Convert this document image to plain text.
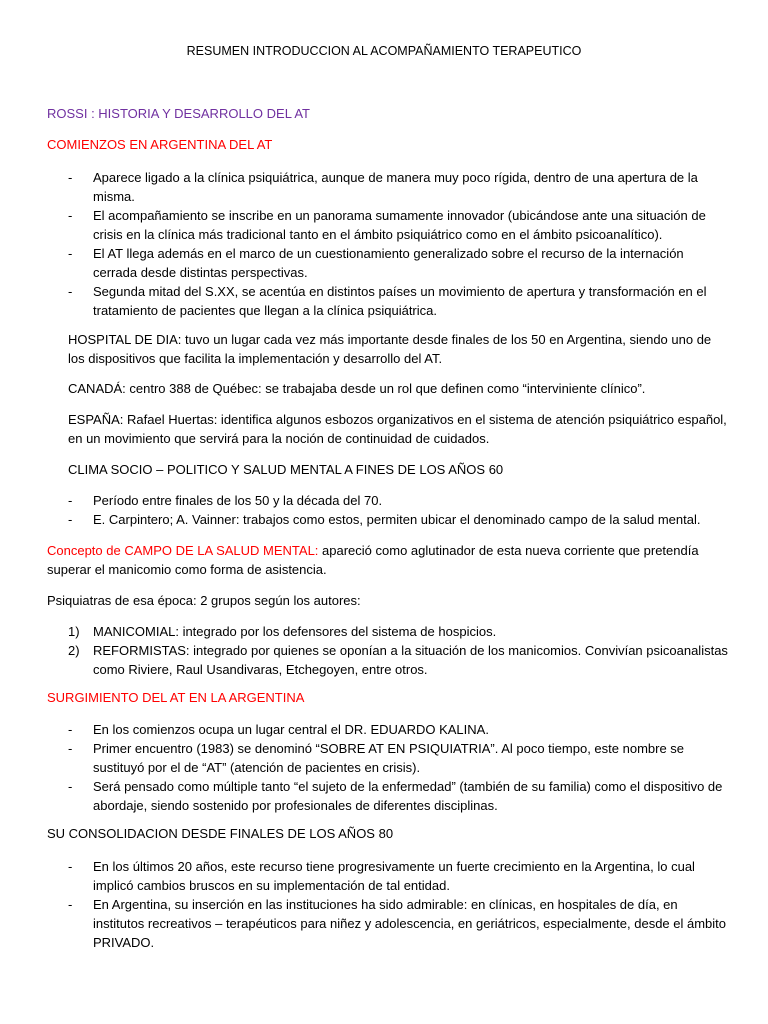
RESUMEN INTRODUCCION AL ACOMPAÑAMIENTO TERAPEUTICO
ROSSI : HISTORIA Y DESARROLLO DEL AT
COMIENZOS EN ARGENTINA DEL AT
- Aparece ligado a la clínica psiquiátrica, aunque de manera muy poco rígida, dentro de una apertura de la misma.
- El acompañamiento se inscribe en un panorama sumamente innovador (ubicándose ante una situación de crisis en la clínica más tradicional tanto en el ámbito psiquiátrico como en el ámbito psicoanalítico).
- El AT llega además en el marco de un cuestionamiento generalizado sobre el recurso de la internación cerrada desde distintas perspectivas.
- Segunda mitad del S.XX, se acentúa en distintos países un movimiento de apertura y transformación en el tratamiento de pacientes que llegan a la clínica psiquiátrica.
HOSPITAL DE DIA: tuvo un lugar cada vez más importante desde finales de los 50 en Argentina, siendo uno de los dispositivos que facilita la implementación y desarrollo del AT.
CANADÁ: centro 388 de Québec: se trabajaba desde un rol que definen como “interviniente clínico”.
ESPAÑA: Rafael Huertas: identifica algunos esbozos organizativos en el sistema de atención psiquiátrico español, en un movimiento que servirá para la noción de continuidad de cuidados.
CLIMA SOCIO – POLITICO Y SALUD MENTAL A FINES DE LOS AÑOS 60
- Período entre finales de los 50 y la década del 70.
- E. Carpintero; A. Vainner: trabajos como estos, permiten ubicar el denominado campo de la salud mental.
Concepto de CAMPO DE LA SALUD MENTAL: apareció como aglutinador de esta nueva corriente que pretendía
superar el manicomio como forma de asistencia.
Psiquiatras de esa época: 2 grupos según los autores:
1) MANICOMIAL: integrado por los defensores del sistema de hospicios.
2) REFORMISTAS: integrado por quienes se oponían a la situación de los manicomios. Convivían psicoanalistas como Riviere, Raul Usandivaras, Etchegoyen, entre otros.
SURGIMIENTO DEL AT EN LA ARGENTINA
- En los comienzos ocupa un lugar central el DR. EDUARDO KALINA.
- Primer encuentro (1983) se denominó “SOBRE AT EN PSIQUIATRIA”. Al poco tiempo, este nombre se sustituyó por el de “AT” (atención de pacientes en crisis).
- Será pensado como múltiple tanto “el sujeto de la enfermedad” (también de su familia) como el dispositivo de abordaje, siendo sostenido por profesionales de diferentes disciplinas.
SU CONSOLIDACION DESDE FINALES DE LOS AÑOS 80
- En los últimos 20 años, este recurso tiene progresivamente un fuerte crecimiento en la Argentina, lo cual implicó cambios bruscos en su implementación de tal entidad.
- En Argentina, su inserción en las instituciones ha sido admirable: en clínicas, en hospitales de día, en institutos recreativos – terapéuticos para niñez y adolescencia, en geriátricos, especialmente, desde el ámbito PRIVADO.
